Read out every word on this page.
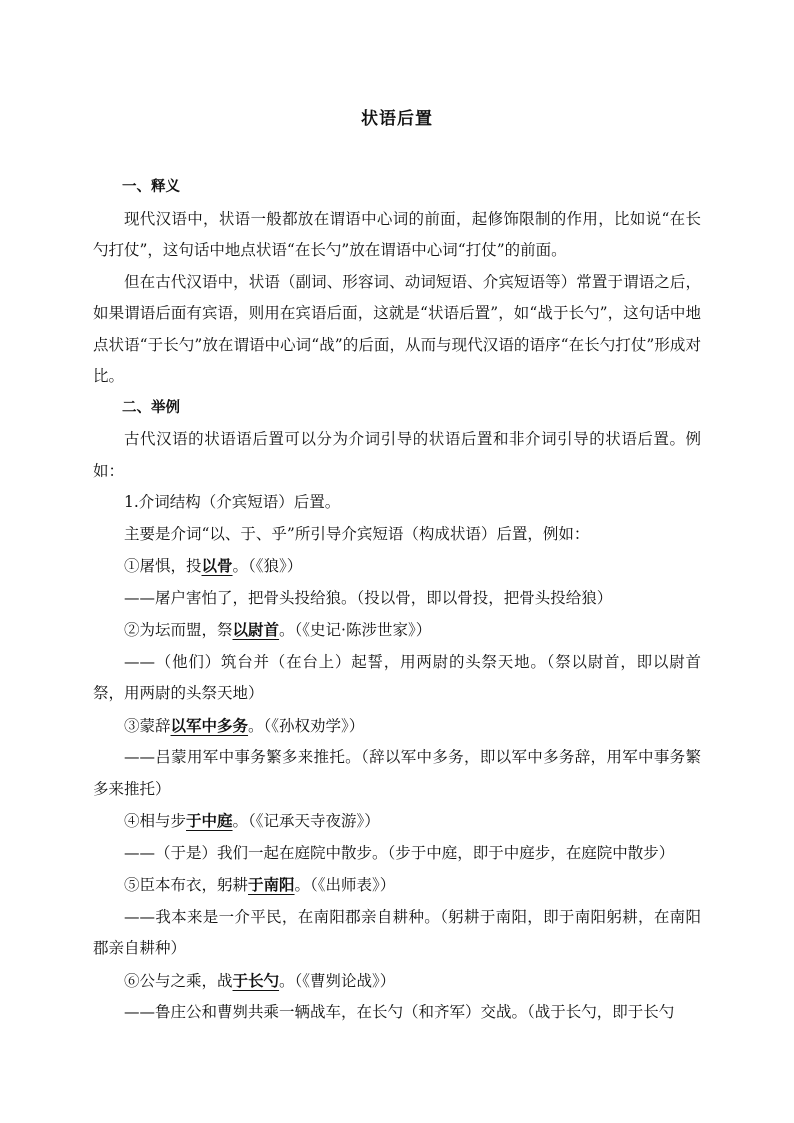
状语后置

一、释义

现代汉语中，状语一般都放在谓语中心词的前面，起修饰限制的作用，比如说“在长勺打仗”，这句话中地点状语“在长勺”放在谓语中心词“打仗”的前面。

但在古代汉语中，状语（副词、形容词、动词短语、介宾短语等）常置于谓语之后，如果谓语后面有宾语，则用在宾语后面，这就是“状语后置”，如“战于长勺”，这句话中地点状语“于长勺”放在谓语中心词“战”的后面，从而与现代汉语的语序“在长勺打仗”形成对比。

二、举例

古代汉语的状语语后置可以分为介词引导的状语后置和非介词引导的状语后置。例如：

1.介词结构（介宾短语）后置。

主要是介词“以、于、乎”所引导介宾短语（构成状语）后置，例如：

①屠惧，投以骨。（《狼》）

——屠户害怕了，把骨头投给狼。（投以骨，即以骨投，把骨头投给狼）

②为坛而盟，祭以尉首。（《史记·陈涉世家》）

——（他们）筑台并（在台上）起誓，用两尉的头祭天地。（祭以尉首，即以尉首祭，用两尉的头祭天地）

③蒙辞以军中多务。（《孙权劝学》）

——吕蒙用军中事务繁多来推托。（辞以军中多务，即以军中多务辞，用军中事务繁多来推托）

④相与步于中庭。（《记承天寺夜游》）

——（于是）我们一起在庭院中散步。（步于中庭，即于中庭步，在庭院中散步）

⑤臣本布衣，躬耕于南阳。（《出师表》）

——我本来是一介平民，在南阳郡亲自耕种。（躬耕于南阳，即于南阳躬耕，在南阳郡亲自耕种）

⑥公与之乘，战于长勺。（《曹刿论战》）

——鲁庄公和曹刿共乘一辆战车，在长勺（和齐军）交战。（战于长勺，即于长勺
